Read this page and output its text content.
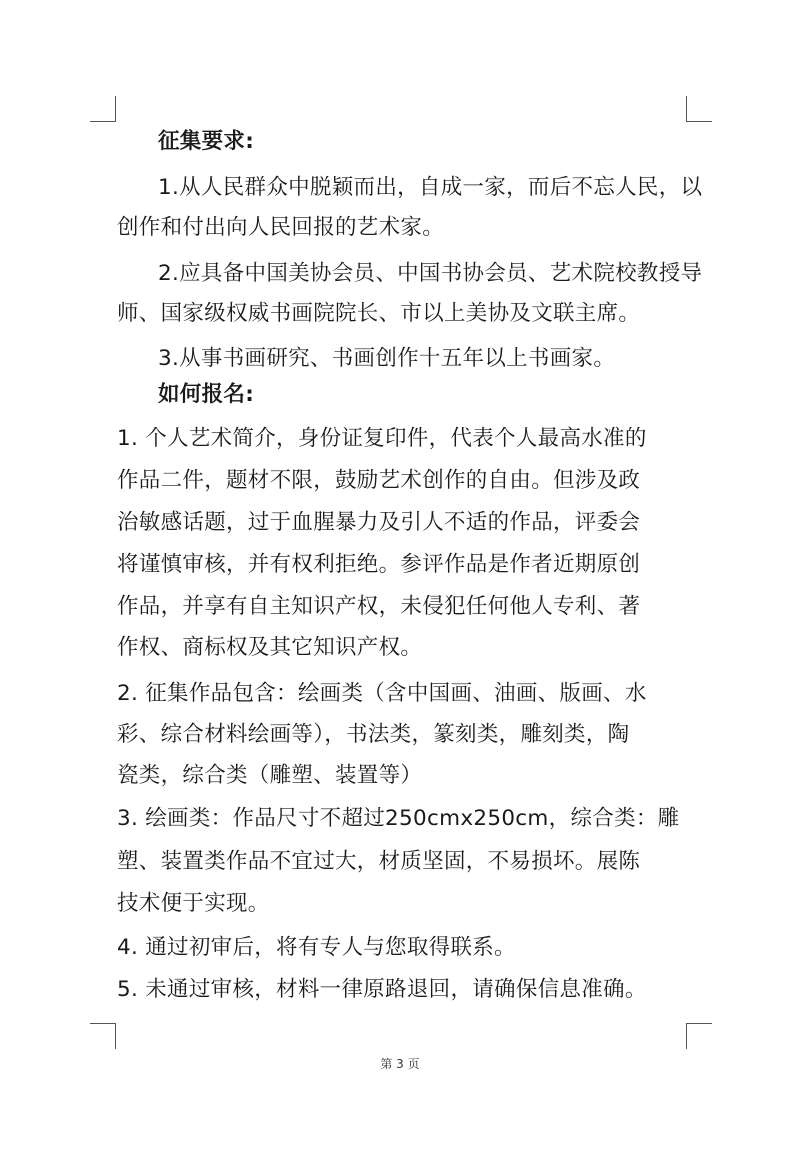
征集要求:
1.从人民群众中脱颖而出，自成一家，而后不忘人民，以
创作和付出向人民回报的艺术家。
2.应具备中国美协会员、中国书协会员、艺术院校教授导
师、国家级权威书画院院长、市以上美协及文联主席。
3.从事书画研究、书画创作十五年以上书画家。
如何报名:
1. 个人艺术简介，身份证复印件，代表个人最高水准的
作品二件，题材不限，鼓励艺术创作的自由。但涉及政
治敏感话题，过于血腥暴力及引人不适的作品，评委会
将谨慎审核，并有权利拒绝。参评作品是作者近期原创
作品，并享有自主知识产权，未侵犯任何他人专利、著
作权、商标权及其它知识产权。
2. 征集作品包含：绘画类（含中国画、油画、版画、水
彩、综合材料绘画等），书法类，篆刻类，雕刻类，陶
瓷类，综合类（雕塑、装置等）
3. 绘画类：作品尺寸不超过250cmx250cm，综合类：雕
塑、装置类作品不宜过大，材质坚固，不易损坏。展陈
技术便于实现。
4. 通过初审后，将有专人与您取得联系。
5. 未通过审核，材料一律原路退回，请确保信息准确。
第 3 页
